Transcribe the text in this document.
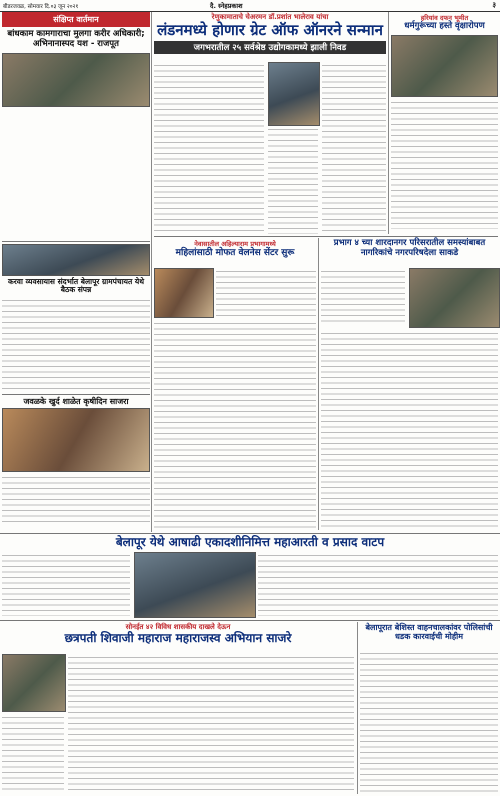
बीडरजवळ, सोमवार दि.०३ जून २०२१	दै. स्नेहप्रकाश	३
संक्षिप्त वार्तमान
बांधकाम कामगाराचा मुलगा करीर अधिकारी; अभिनानास्पद यश - राजपूत
करवा व्यवसायास संदर्भात बेलापूर ग्रामपंचायत येथे बैठक संपन्न
जवळके खुर्द शाळेत कृषीदिन साजरा
रेणुकामाताचे चेअरमन डॉ.प्रशांत भालेराव यांचा
लंडनमध्ये होणार ग्रेट ऑफ ऑनरने सन्मान
जगभरातील २५ सर्वश्रेष्ठ उद्योगकामध्ये झाली निवड
हरियांव दफन भूमीत
धर्मगुरूंच्या हस्ते वृक्षारोपण
नेवासातील अहिल्याराम प्रभागामध्ये
महिलांसाठी मोफत वेलनेस सेंटर सुरू
प्रभाग ४ च्या शारदानगर परिसरातील समस्यांबाबत नागरिकांचे नगरपरिषदेला साकडे
बेलापूर येथे आषाढी एकादशीनिमित्त महाआरती व प्रसाद वाटप
सोनईत ४२ विविध शासकीय दाखले देऊन
छत्रपती शिवाजी महाराज महाराजस्व अभियान साजरे
बेलापूरात बेशिस्त वाहनचालकांवर पोलिसांची धडक कारवाईची मोहीम
